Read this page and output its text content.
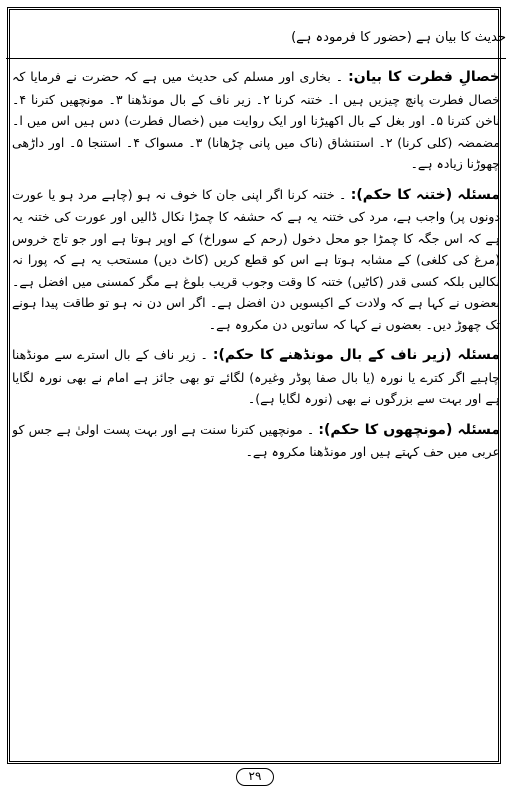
حدیث کا بیان ہے (حضور کا فرمودہ ہے)

خصالِ فطرت کا بیان: ۔ بخاری اور مسلم کی حدیث میں ہے کہ حضرت نے فرمایا کہ خصال فطرت پانچ چیزیں ہیں ا۔ ختنہ کرنا ۲۔ زیر ناف کے بال مونڈھنا ۳۔ مونچھیں کترنا ۴۔ ناخن کترنا ۵۔ اور بغل کے بال اکھیڑنا اور ایک روایت میں (خصال فطرت) دس ہیں اس میں ا۔ مضمضہ (کلی کرنا) ۲۔ استنشاق (ناک میں پانی چڑھانا) ۳۔ مسواک ۴۔ استنجا ۵۔ اور داڑھی چھوڑنا زیادہ ہے۔

مسئلہ (ختنہ کا حکم): ۔ ختنہ کرنا اگر اپنی جان کا خوف نہ ہو (چاہے مرد ہو یا عورت دونوں پر) واجب ہے، مرد کی ختنہ یہ ہے کہ حشفہ کا چمڑا نکال ڈالیں اور عورت کی ختنہ یہ ہے کہ اس جگہ کا چمڑا جو محل دخول (رحم کے سوراخ) کے اوپر ہوتا ہے اور جو تاج خروس (مرغ کی کلغی) کے مشابہ ہوتا ہے اس کو قطع کریں (کاٹ دیں) مستحب یہ ہے کہ پورا نہ نکالیں بلکہ کسی قدر (کاٹیں) ختنہ کا وقت وجوب قریب بلوغ ہے مگر کمسنی میں افضل ہے۔ بعضوں نے کہا ہے کہ ولادت کے اکیسویں دن افضل ہے۔ اگر اس دن نہ ہو تو طاقت پیدا ہونے تک چھوڑ دیں۔ بعضوں نے کہا کہ ساتویں دن مکروہ ہے۔

مسئلہ (زیر ناف کے بال مونڈھنے کا حکم): ۔ زیر ناف کے بال استرے سے مونڈھنا چاہیے اگر کترے یا نورہ (یا بال صفا پوڈر وغیرہ) لگائے تو بھی جائز ہے امام نے بھی نورہ لگایا ہے اور بہت سے بزرگوں نے بھی (نورہ لگایا ہے)۔

مسئلہ (مونچھوں کا حکم): ۔ مونچھیں کترنا سنت ہے اور بہت پست اولیٰ ہے جس کو عربی میں حف کہتے ہیں اور مونڈھنا مکروہ ہے۔

۲۹
